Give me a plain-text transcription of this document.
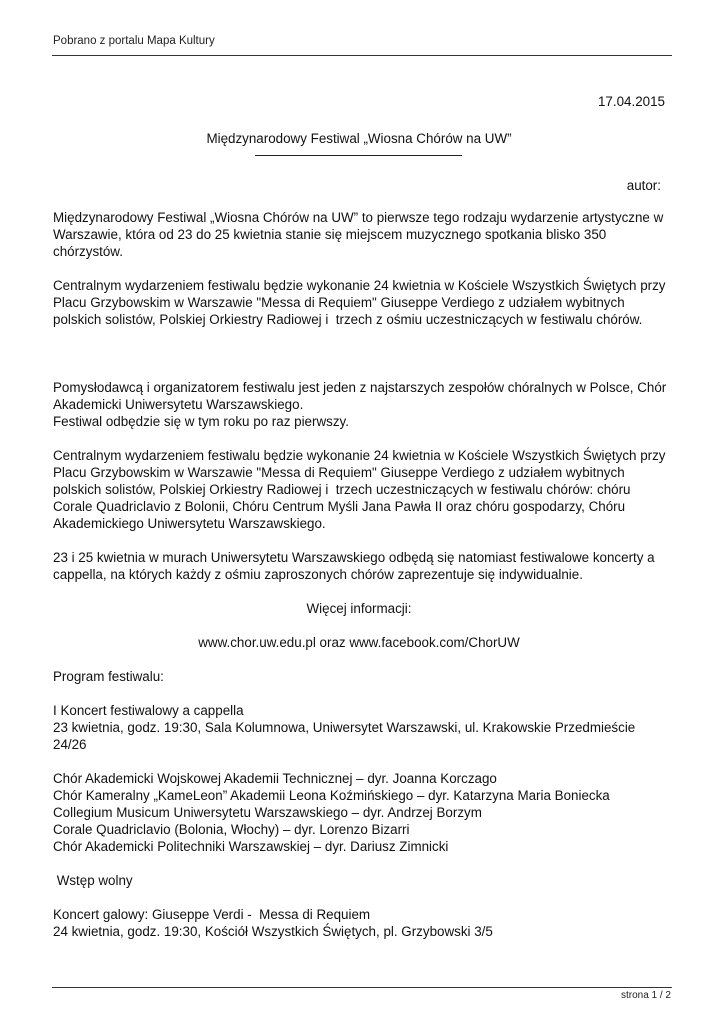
Pobrano z portalu Mapa Kultury
17.04.2015
Międzynarodowy Festiwal „Wiosna Chórów na UW”
autor:

Międzynarodowy Festiwal „Wiosna Chórów na UW” to pierwsze tego rodzaju wydarzenie artystyczne w
Warszawie, która od 23 do 25 kwietnia stanie się miejscem muzycznego spotkania blisko 350
chórzystów.

Centralnym wydarzeniem festiwalu będzie wykonanie 24 kwietnia w Kościele Wszystkich Świętych przy
Placu Grzybowskim w Warszawie "Messa di Requiem" Giuseppe Verdiego z udziałem wybitnych
polskich solistów, Polskiej Orkiestry Radiowej i  trzech z ośmiu uczestniczących w festiwalu chórów.

Pomysłodawcą i organizatorem festiwalu jest jeden z najstarszych zespołów chóralnych w Polsce, Chór
Akademicki Uniwersytetu Warszawskiego.
Festiwal odbędzie się w tym roku po raz pierwszy.

Centralnym wydarzeniem festiwalu będzie wykonanie 24 kwietnia w Kościele Wszystkich Świętych przy
Placu Grzybowskim w Warszawie "Messa di Requiem" Giuseppe Verdiego z udziałem wybitnych
polskich solistów, Polskiej Orkiestry Radiowej i  trzech uczestniczących w festiwalu chórów: chóru
Corale Quadriclavio z Bolonii, Chóru Centrum Myśli Jana Pawła II oraz chóru gospodarzy, Chóru
Akademickiego Uniwersytetu Warszawskiego.

23 i 25 kwietnia w murach Uniwersytetu Warszawskiego odbędą się natomiast festiwalowe koncerty a
cappella, na których każdy z ośmiu zaproszonych chórów zaprezentuje się indywidualnie.

Więcej informacji:

www.chor.uw.edu.pl oraz www.facebook.com/ChorUW

Program festiwalu:

I Koncert festiwalowy a cappella
23 kwietnia, godz. 19:30, Sala Kolumnowa, Uniwersytet Warszawski, ul. Krakowskie Przedmieście
24/26

Chór Akademicki Wojskowej Akademii Technicznej – dyr. Joanna Korczago
Chór Kameralny „KameLeon” Akademii Leona Koźmińskiego – dyr. Katarzyna Maria Boniecka
Collegium Musicum Uniwersytetu Warszawskiego – dyr. Andrzej Borzym
Corale Quadriclavio (Bolonia, Włochy) – dyr. Lorenzo Bizarri
Chór Akademicki Politechniki Warszawskiej – dyr. Dariusz Zimnicki

Wstęp wolny

Koncert galowy: Giuseppe Verdi -  Messa di Requiem
24 kwietnia, godz. 19:30, Kościół Wszystkich Świętych, pl. Grzybowski 3/5

strona 1 / 2
